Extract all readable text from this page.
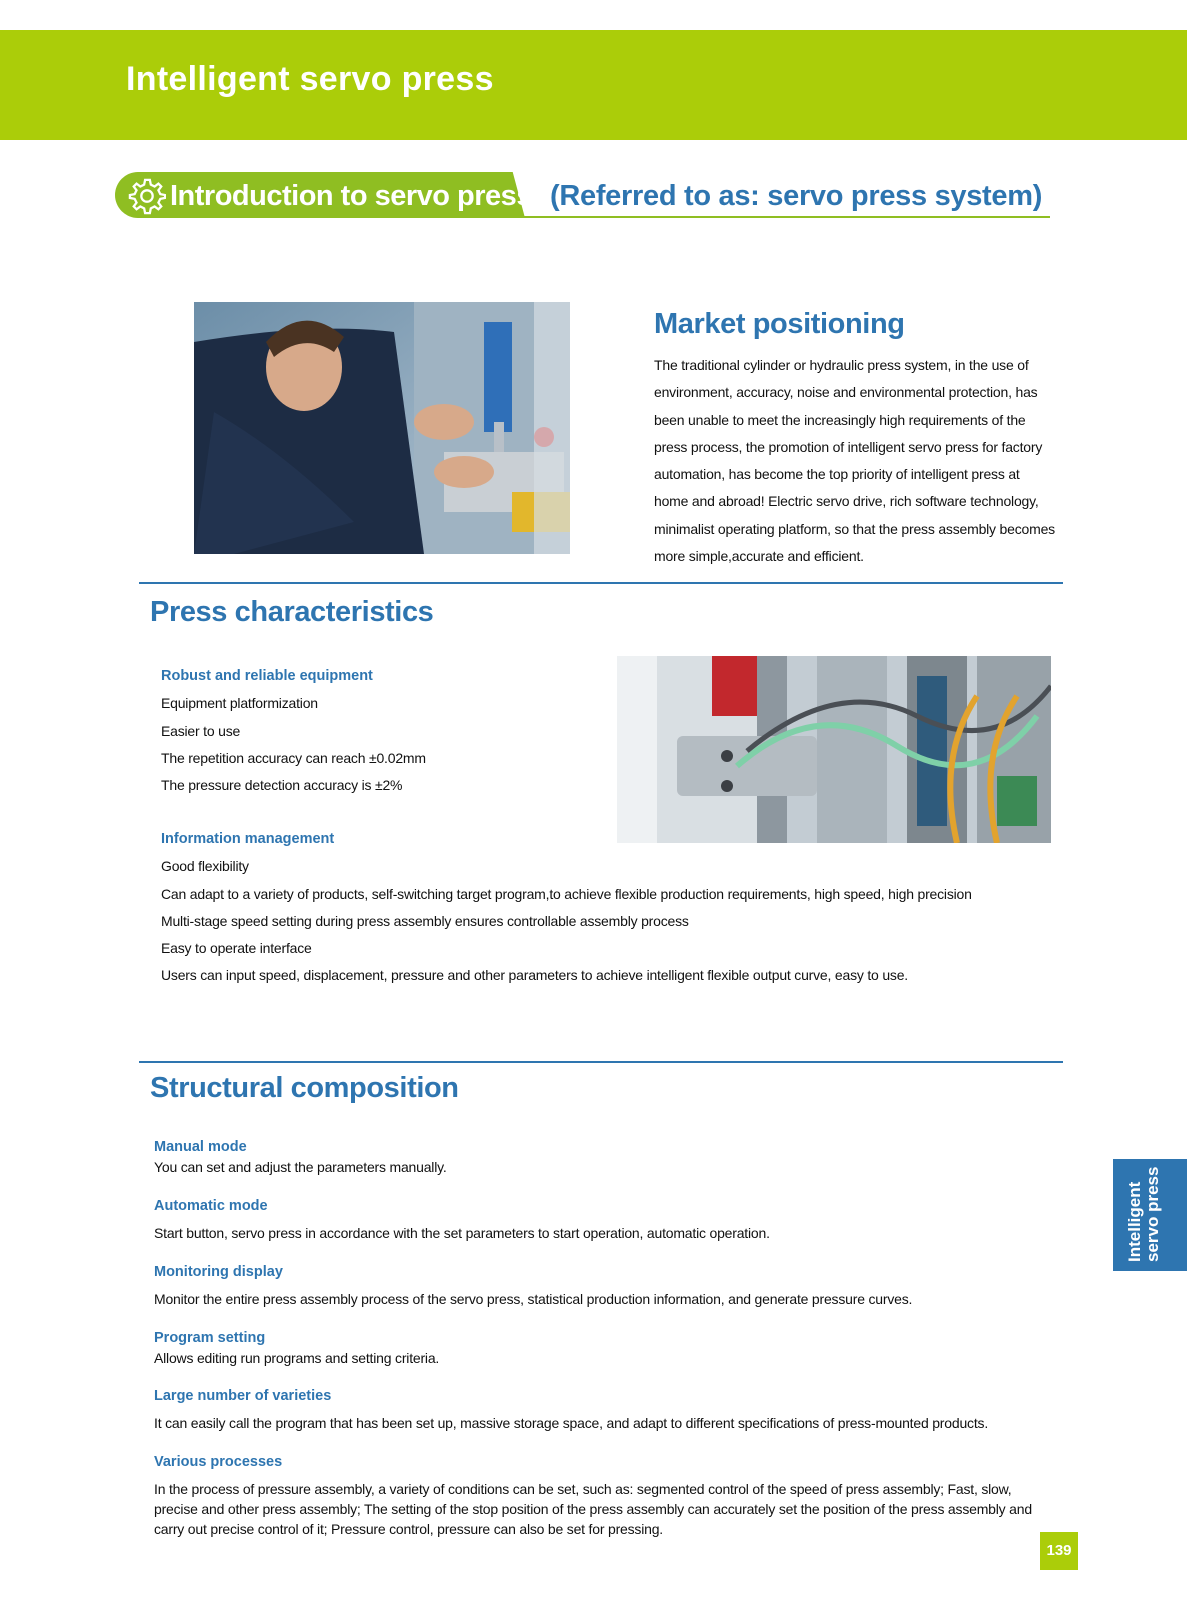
Intelligent servo press
Introduction to servo press (Referred to as: servo press system)
Market positioning
The traditional cylinder or hydraulic press system, in the use of
environment, accuracy, noise and environmental protection, has
been unable to meet the increasingly high requirements of the
press process, the promotion of intelligent servo press for factory
automation, has become the top priority of intelligent press at
home and abroad! Electric servo drive, rich software technology,
minimalist operating platform, so that the press assembly becomes
more simple,accurate and efficient.
Press characteristics
Robust and reliable equipment
Equipment platformization
Easier to use
The repetition accuracy can reach ±0.02mm
The pressure detection accuracy is ±2%
Information management
Good flexibility
Can adapt to a variety of products, self-switching target program,to achieve flexible production requirements, high speed, high precision
Multi-stage speed setting during press assembly ensures controllable assembly process
Easy to operate interface
Users can input speed, displacement, pressure and other parameters to achieve intelligent flexible output curve, easy to use.
Structural composition
Manual mode
You can set and adjust the parameters manually.
Automatic mode
Start button, servo press in accordance with the set parameters to start operation, automatic operation.
Monitoring display
Monitor the entire press assembly process of the servo press, statistical production information, and generate pressure curves.
Program setting
Allows editing run programs and setting criteria.
Large number of varieties
It can easily call the program that has been set up, massive storage space, and adapt to different specifications of press-mounted products.
Various processes
In the process of pressure assembly, a variety of conditions can be set, such as: segmented control of the speed of press assembly; Fast, slow, precise and other press assembly; The setting of the stop position of the press assembly can accurately set the position of the press assembly and carry out precise control of it; Pressure control, pressure can also be set for pressing.
Intelligent servo press
139
